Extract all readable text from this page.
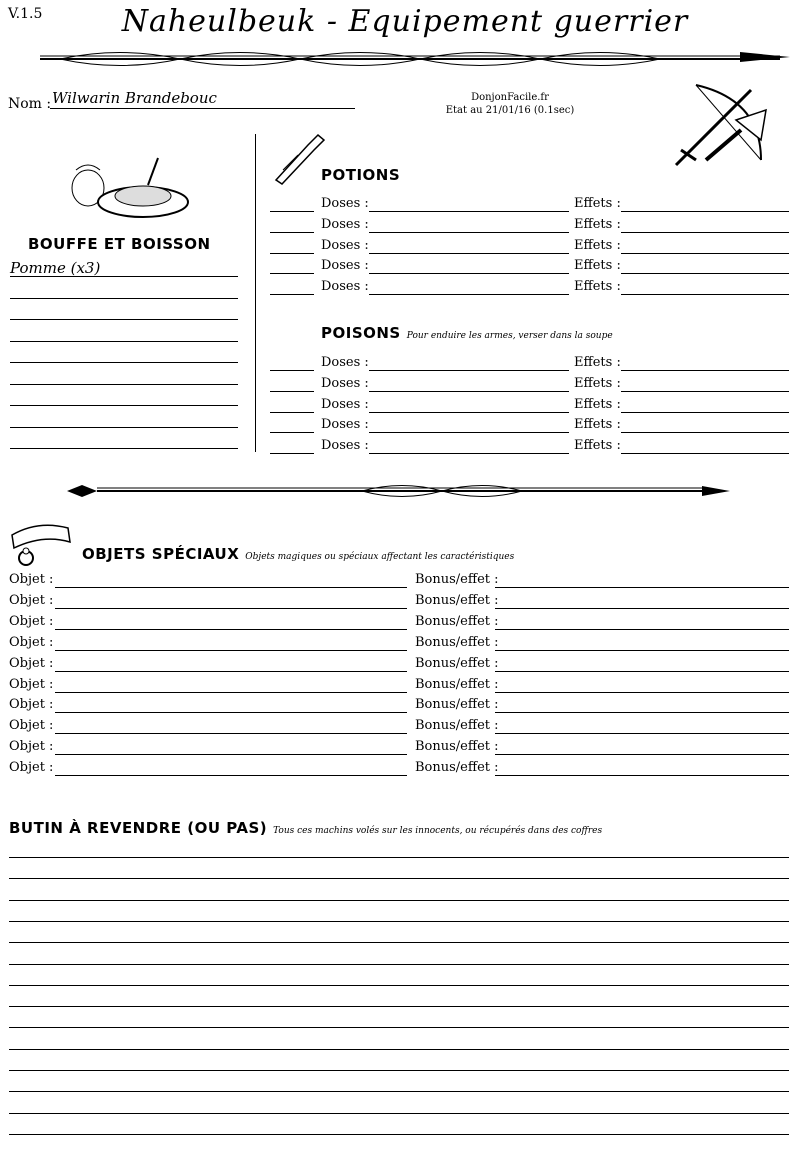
V.1.5	Naheulbeuk - Equipement guerrier
Nom : Wilwarin Brandebouc	DonjonFacile.fr
Etat au 21/01/16 (0.1sec)
BOUFFE ET BOISSON
Pomme (x3)
POTIONS
Doses :	Effets :
Doses :	Effets :
Doses :	Effets :
Doses :	Effets :
Doses :	Effets :
POISONS Pour enduire les armes, verser dans la soupe
Doses :	Effets :
Doses :	Effets :
Doses :	Effets :
Doses :	Effets :
Doses :	Effets :
OBJETS SPÉCIAUX Objets magiques ou spéciaux affectant les caractéristiques
Objet :	Bonus/effet :
Objet :	Bonus/effet :
Objet :	Bonus/effet :
Objet :	Bonus/effet :
Objet :	Bonus/effet :
Objet :	Bonus/effet :
Objet :	Bonus/effet :
Objet :	Bonus/effet :
Objet :	Bonus/effet :
Objet :	Bonus/effet :
BUTIN À REVENDRE (OU PAS) Tous ces machins volés sur les innocents, ou récupérés dans des coffres
